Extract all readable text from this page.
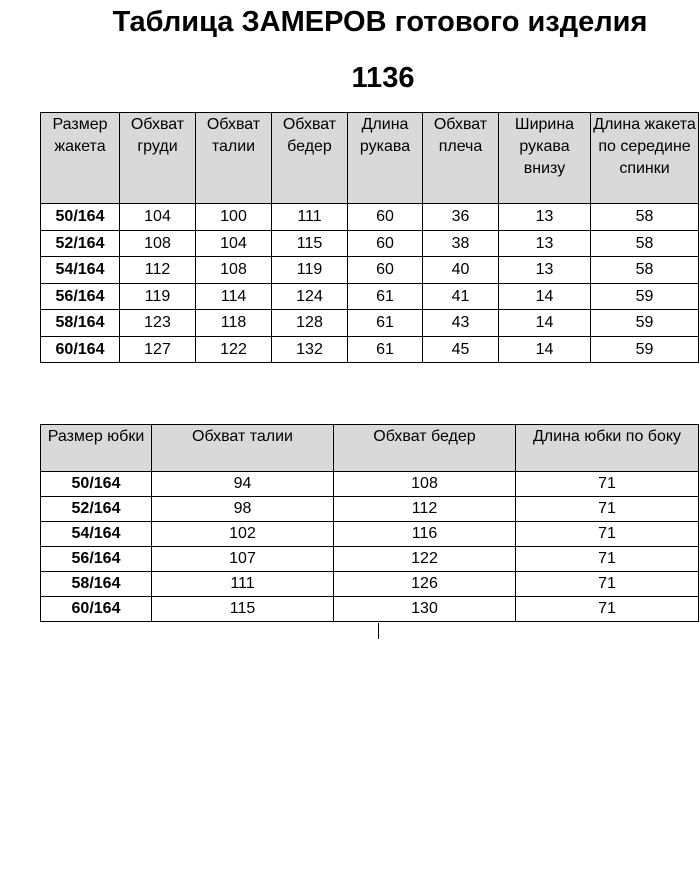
Таблица ЗАМЕРОВ готового изделия
1136
Размер жакета	Обхват груди	Обхват талии	Обхват бедер	Длина рукава	Обхват плеча	Ширина рукава внизу	Длина жакета по середине спинки
50/164	104	100	111	60	36	13	58
52/164	108	104	115	60	38	13	58
54/164	112	108	119	60	40	13	58
56/164	119	114	124	61	41	14	59
58/164	123	118	128	61	43	14	59
60/164	127	122	132	61	45	14	59
Размер юбки	Обхват талии	Обхват бедер	Длина юбки по боку
50/164	94	108	71
52/164	98	112	71
54/164	102	116	71
56/164	107	122	71
58/164	111	126	71
60/164	115	130	71
